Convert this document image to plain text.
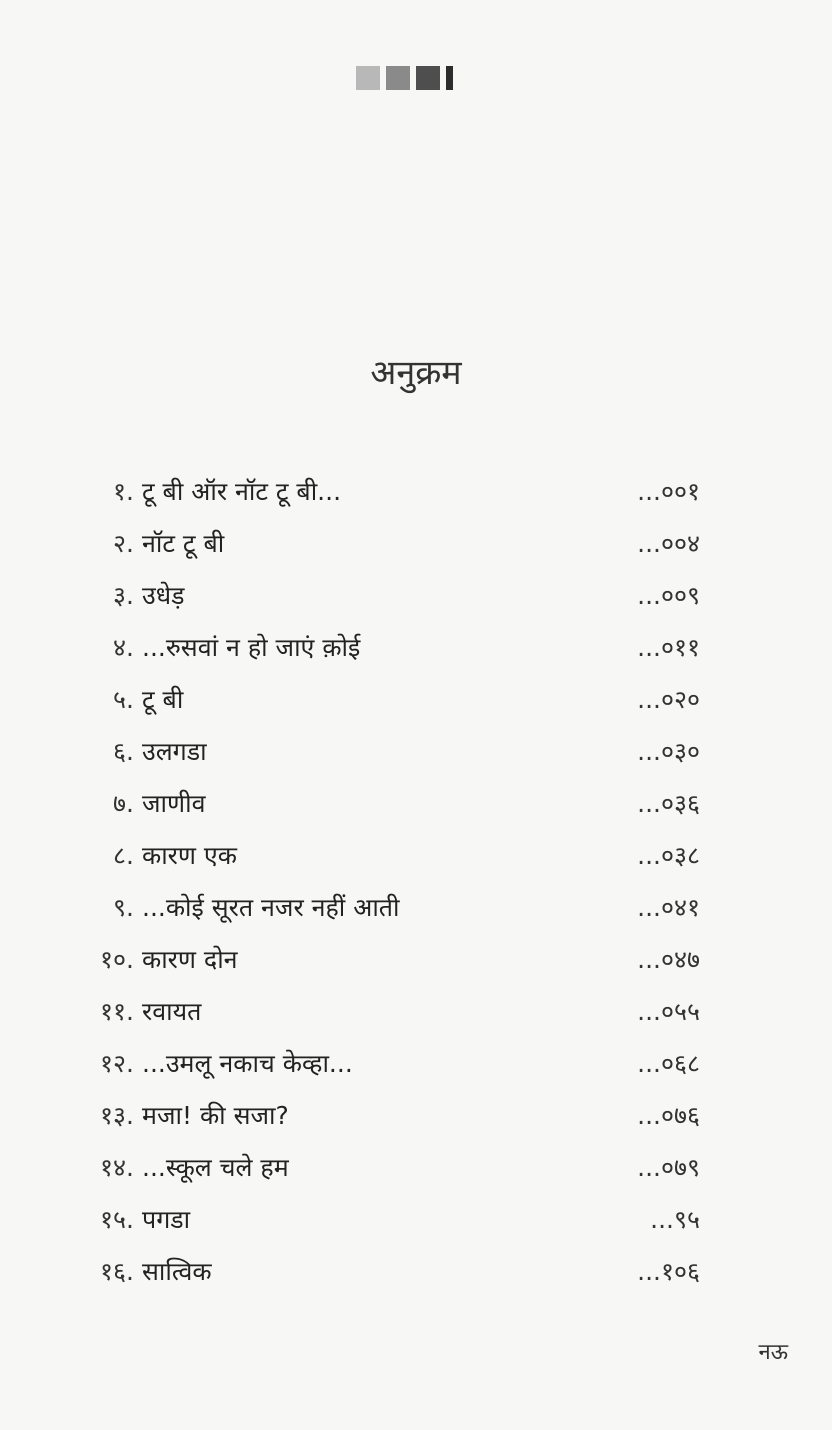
अनुक्रम
१. टू बी ऑर नॉट टू बी...	...००१
२. नॉट टू बी	...००४
३. उधेड़	...००९
४. ...रुसवां न हो जाएं क़ोई	...०११
५. टू बी	...०२०
६. उलगडा	...०३०
७. जाणीव	...०३६
८. कारण एक	...०३८
९. ...कोई सूरत नजर नहीं आती	...०४१
१०. कारण दोन	...०४७
११. रवायत	...०५५
१२. ...उमलू नकाच केव्हा...	...०६८
१३. मजा! की सजा?	...०७६
१४. ...स्कूल चले हम	...०७९
१५. पगडा	...९५
१६. सात्विक	...१०६
नऊ
